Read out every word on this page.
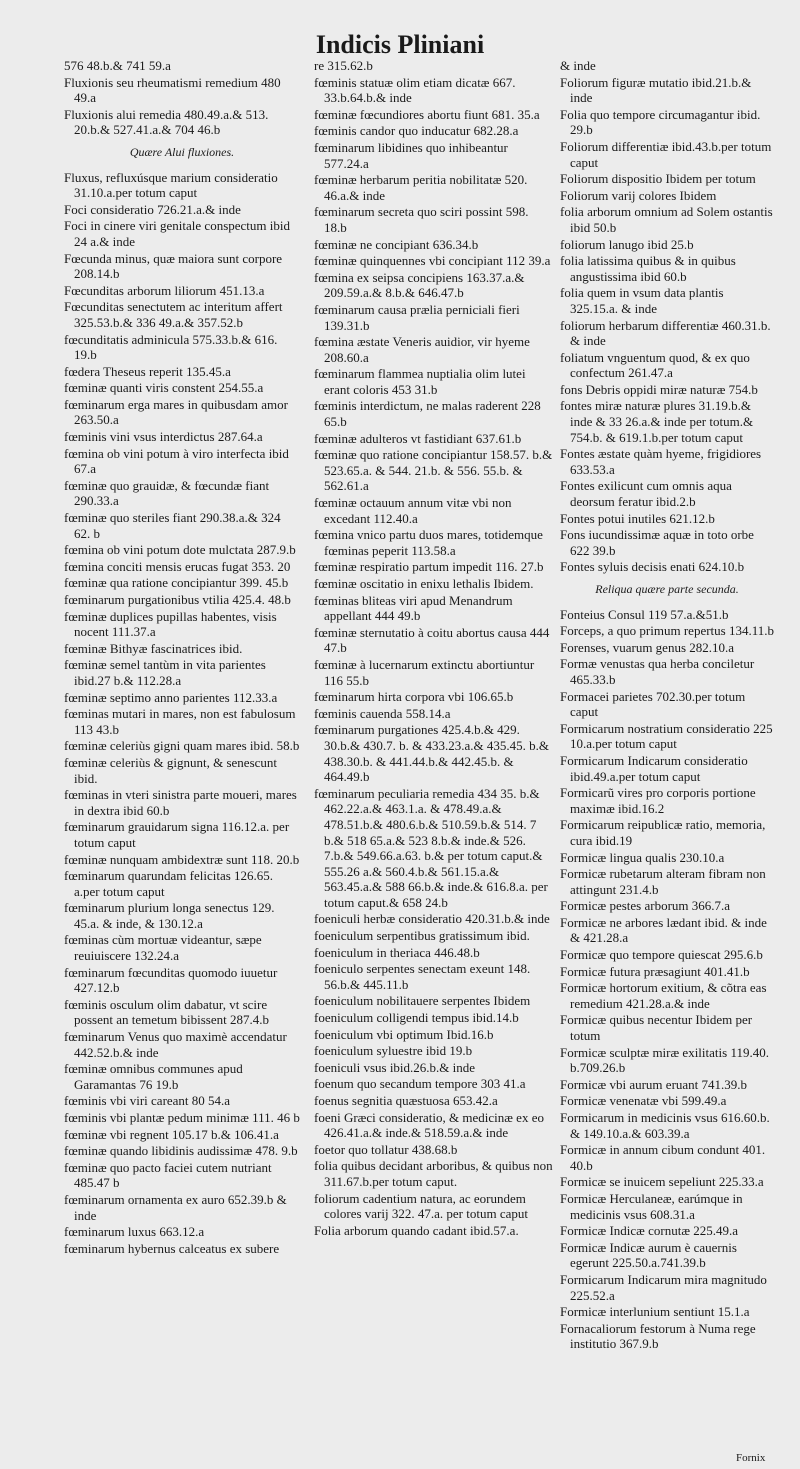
Indicis Pliniani
576 48.b.& 741 59.a
Fluxionis seu rheumatismi remedium 480 49.a
Fluxionis alui remedia 480.49.a.& 513. 20.b.& 527.41.a.& 704 46.b
Quære Alui fluxiones.
Fluxus, refluxúsque marium consideratio 31.10.a.per totum caput
Foci consideratio 726.21.a.& inde
Foci in cinere viri genitale conspectum ibid 24 a.& inde
Fœcunda minus, quæ maiora sunt corpore 208.14.b
Fœcunditas arborum liliorum 451.13.a
Fœcunditas senectutem ac interitum affert 325.53.b.& 336 49.a.& 357.52.b
fœcunditatis adminicula 575.33.b.& 616. 19.b
fœdera Theseus reperit 135.45.a
fœminæ quanti viris constent 254.55.a
fœminarum erga mares in quibusdam amor 263.50.a
fœminis vini vsus interdictus 287.64.a
fœmina ob vini potum à viro interfecta ibid 67.a
fœminæ quo grauidæ, & fœcundæ fiant 290.33.a
fœminæ quo steriles fiant 290.38.a.& 324 62. b
fœmina ob vini potum dote mulctata 287.9.b
fœmina conciti mensis erucas fugat 353. 20
fœminæ qua ratione concipiantur 399. 45.b
fœminarum purgationibus vtilia 425.4. 48.b
fœminæ duplices pupillas habentes, visis nocent 111.37.a
fœminæ Bithyæ fascinatrices ibid.
fœminæ semel tantùm in vita parientes ibid.27 b.& 112.28.a
fœminæ septimo anno parientes 112.33.a
fœminas mutari in mares, non est fabulosum 113 43.b
fœminæ celeriùs gigni quam mares ibid. 58.b
fœminæ celeriùs & gignunt, & senescunt ibid.
fœminas in vteri sinistra parte moueri, mares in dextra ibid 60.b
fœminarum grauidarum signa 116.12.a. per totum caput
fœminæ nunquam ambidextræ sunt 118. 20.b
fœminarum quarundam felicitas 126.65. a.per totum caput
fœminarum plurium longa senectus 129. 45.a. & inde, & 130.12.a
fœminas cùm mortuæ videantur, sæpe reuiuiscere 132.24.a
fœminarum fœcunditas quomodo iuuetur 427.12.b
fœminis osculum olim dabatur, vt scire possent an temetum bibissent 287.4.b
fœminarum Venus quo maximè accendatur 442.52.b.& inde
fœminæ omnibus communes apud Garamantas 76 19.b
fœminis vbi viri careant 80 54.a
fœminis vbi plantæ pedum minimæ 111. 46 b
fœminæ vbi regnent 105.17 b.& 106.41.a
fœminæ quando libidinis audissimæ 478. 9.b
fœminæ quo pacto faciei cutem nutriant 485.47 b
fœminarum ornamenta ex auro 652.39.b & inde
fœminarum luxus 663.12.a
fœminarum hybernus calceatus ex subere
re 315.62.b
fœminis statuæ olim etiam dicatæ 667. 33.b.64.b.& inde
fœminæ fœcundiores abortu fiunt 681. 35.a
fœminis candor quo inducatur 682.28.a
fœminarum libidines quo inhibeantur 577.24.a
fœminæ herbarum peritia nobilitatæ 520. 46.a.& inde
fœminarum secreta quo sciri possint 598. 18.b
fœminæ ne concipiant 636.34.b
fœminæ quinquennes vbi concipiant 112 39.a
fœmina ex seipsa concipiens 163.37.a.& 209.59.a.& 8.b.& 646.47.b
fœminarum causa prælia perniciali fieri 139.31.b
fœmina æstate Veneris auidior, vir hyeme 208.60.a
fœminarum flammea nuptialia olim lutei erant coloris 453 31.b
fœminis interdictum, ne malas raderent 228 65.b
fœminæ adulteros vt fastidiant 637.61.b
fœminæ quo ratione concipiantur 158.57. b.& 523.65.a. & 544. 21.b. & 556. 55.b. & 562.61.a
fœminæ octauum annum vitæ vbi non excedant 112.40.a
fœmina vnico partu duos mares, totidemque fœminas peperit 113.58.a
fœminæ respiratio partum impedit 116. 27.b
fœminæ oscitatio in enixu lethalis Ibidem.
fœminas bliteas viri apud Menandrum appellant 444 49.b
fœminæ sternutatio à coitu abortus causa 444 47.b
fœminæ à lucernarum extinctu abortiuntur 116 55.b
fœminarum hirta corpora vbi 106.65.b
fœminis cauenda 558.14.a
fœminarum purgationes 425.4.b.& 429. 30.b.& 430.7. b. & 433.23.a.& 435.45. b.& 438.30.b. & 441.44.b.& 442.45.b. & 464.49.b
fœminarum peculiaria remedia 434 35. b.& 462.22.a.& 463.1.a. & 478.49.a.& 478.51.b.& 480.6.b.& 510.59.b.& 514. 7 b.& 518 65.a.& 523 8.b.& inde.& 526. 7.b.& 549.66.a.63. b.& per totum caput.& 555.26 a.& 560.4.b.& 561.15.a.& 563.45.a.& 588 66.b.& inde.& 616.8.a. per totum caput.& 658 24.b
foeniculi herbæ consideratio 420.31.b.& inde
foeniculum serpentibus gratissimum ibid.
foeniculum in theriaca 446.48.b
foeniculo serpentes senectam exeunt 148. 56.b.& 445.11.b
foeniculum nobilitauere serpentes Ibidem
foeniculum colligendi tempus ibid.14.b
foeniculum vbi optimum Ibid.16.b
foeniculum syluestre ibid 19.b
foeniculi vsus ibid.26.b.& inde
foenum quo secandum tempore 303 41.a
foenus segnitia quæstuosa 653.42.a
foeni Græci consideratio, & medicinæ ex eo 426.41.a.& inde.& 518.59.a.& inde
foetor quo tollatur 438.68.b
folia quibus decidant arboribus, & quibus non 311.67.b.per totum caput.
foliorum cadentium natura, ac eorundem colores varij 322. 47.a. per totum caput
Folia arborum quando cadant ibid.57.a.
& inde
Foliorum figuræ mutatio ibid.21.b.& inde
Folia quo tempore circumagantur ibid. 29.b
Foliorum differentiæ ibid.43.b.per totum caput
Foliorum dispositio Ibidem per totum
Foliorum varij colores Ibidem
folia arborum omnium ad Solem ostantis ibid 50.b
foliorum lanugo ibid 25.b
folia latissima quibus & in quibus angustissima ibid 60.b
folia quem in vsum data plantis 325.15.a. & inde
foliorum herbarum differentiæ 460.31.b. & inde
foliatum vnguentum quod, & ex quo confectum 261.47.a
fons Debris oppidi miræ naturæ 754.b
fontes miræ naturæ plures 31.19.b.& inde & 33 26.a.& inde per totum.& 754.b. & 619.1.b.per totum caput
Fontes æstate quàm hyeme, frigidiores 633.53.a
Fontes exilicunt cum omnis aqua deorsum feratur ibid.2.b
Fontes potui inutiles 621.12.b
Fons iucundissimæ aquæ in toto orbe 622 39.b
Fontes syluis decisis enati 624.10.b
Reliqua quære parte secunda.
Fonteius Consul 119 57.a.&51.b
Forceps, a quo primum repertus 134.11.b
Forenses, vuarum genus 282.10.a
Formæ venustas qua herba conciletur 465.33.b
Formacei parietes 702.30.per totum caput
Formicarum nostratium consideratio 225 10.a.per totum caput
Formicarum Indicarum consideratio ibid.49.a.per totum caput
Formicarũ vires pro corporis portione maximæ ibid.16.2
Formicarum reipublicæ ratio, memoria, cura ibid.19
Formicæ lingua qualis 230.10.a
Formicæ rubetarum alteram fibram non attingunt 231.4.b
Formicæ pestes arborum 366.7.a
Formicæ ne arbores lædant ibid. & inde & 421.28.a
Formicæ quo tempore quiescat 295.6.b
Formicæ futura præsagiunt 401.41.b
Formicæ hortorum exitium, & cõtra eas remedium 421.28.a.& inde
Formicæ quibus necentur Ibidem per totum
Formicæ sculptæ miræ exilitatis 119.40. b.709.26.b
Formicæ vbi aurum eruant 741.39.b
Formicæ venenatæ vbi 599.49.a
Formicarum in medicinis vsus 616.60.b. & 149.10.a.& 603.39.a
Formicæ in annum cibum condunt 401. 40.b
Formicæ se inuicem sepeliunt 225.33.a
Formicæ Herculaneæ, earúmque in medicinis vsus 608.31.a
Formicæ Indicæ cornutæ 225.49.a
Formicæ Indicæ aurum è cauernis egerunt 225.50.a.741.39.b
Formicarum Indicarum mira magnitudo 225.52.a
Formicæ interlunium sentiunt 15.1.a
Fornacaliorum festorum à Numa rege institutio 367.9.b
Fornix
